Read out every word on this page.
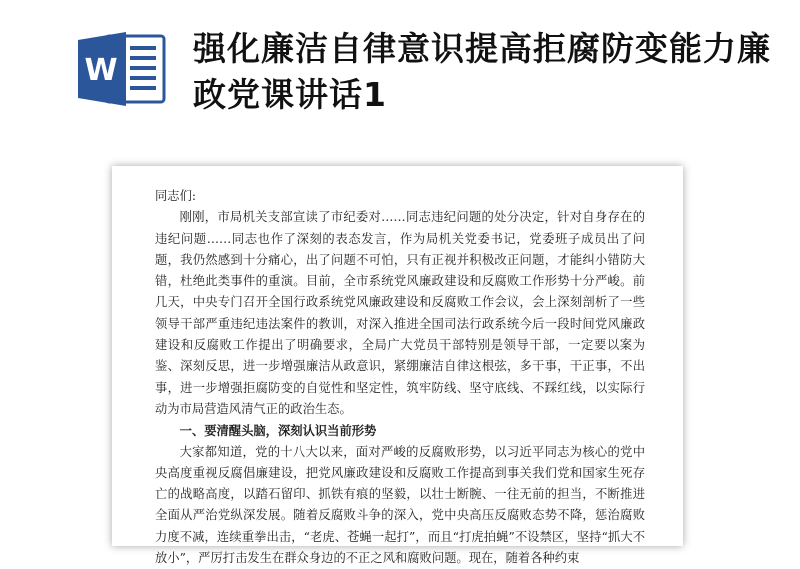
W
强化廉洁自律意识提高拒腐防变能力廉政党课讲话1

同志们:

刚刚，市局机关支部宣读了市纪委对……同志违纪问题的处分决定，针对自身存在的违纪问题……同志也作了深刻的表态发言，作为局机关党委书记，党委班子成员出了问题，我仍然感到十分痛心，出了问题不可怕，只有正视并积极改正问题，才能纠小错防大错，杜绝此类事件的重演。目前，全市系统党风廉政建设和反腐败工作形势十分严峻。前几天，中央专门召开全国行政系统党风廉政建设和反腐败工作会议，会上深刻剖析了一些领导干部严重违纪违法案件的教训，对深入推进全国司法行政系统今后一段时间党风廉政建设和反腐败工作提出了明确要求，全局广大党员干部特别是领导干部，一定要以案为鉴、深刻反思，进一步增强廉洁从政意识，紧绷廉洁自律这根弦，多干事，干正事，不出事，进一步增强拒腐防变的自觉性和坚定性，筑牢防线、坚守底线、不踩红线，以实际行动为市局营造风清气正的政治生态。

一、要清醒头脑，深刻认识当前形势

大家都知道，党的十八大以来，面对严峻的反腐败形势，以习近平同志为核心的党中央高度重视反腐倡廉建设，把党风廉政建设和反腐败工作提高到事关我们党和国家生死存亡的战略高度，以踏石留印、抓铁有痕的坚毅，以壮士断腕、一往无前的担当，不断推进全面从严治党纵深发展。随着反腐败斗争的深入，党中央高压反腐败态势不降，惩治腐败力度不减，连续重拳出击，“老虎、苍蝇一起打”，而且“打虎拍蝇”不设禁区，坚持“抓大不放小”，严厉打击发生在群众身边的不正之风和腐败问题。现在，随着各种约束
